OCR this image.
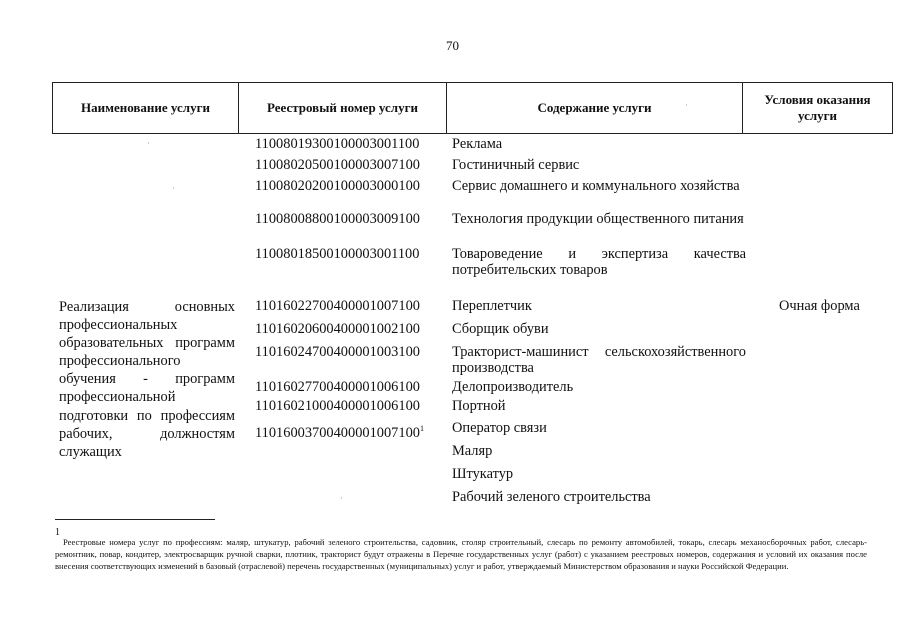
70
Наименование услуги	Реестровый номер услуги	Содержание услуги
Условия оказания услуги
11008019300100003001100
11008020500100003007100
11008020200100003000100
11008008800100003009100
11008018500100003001100
11016022700400001007100
11016020600400001002100
11016024700400001003100
11016027700400001006100
11016021000400001006100
11016003700400001007100$^1$
Реклама
Гостиничный сервис
Сервис домашнего и коммунального хозяйства
Технология продукции общественного питания
Товароведение и экспертиза качества потребительских товаров
Переплетчик
Сборщик обуви
Тракторист-машинист сельскохозяйственного производства
Делопроизводитель
Портной
Оператор связи
Маляр
Штукатур
Рабочий зеленого строительства
Реализация основных профессиональных образовательных программ профессионального обучения - программ профессиональной подготовки по профессиям рабочих, должностям служащих
Очная форма
·
·
·
·
1
Реестровые номера услуг по профессиям: маляр, штукатур, рабочий зеленого строительства, садовник, столяр строительный, слесарь по ремонту автомобилей, токарь, слесарь механосборочных работ, слесарь-ремонтник, повар, кондитер, электросварщик ручной сварки, плотник, тракторист будут отражены в Перечне государственных услуг (работ) с указанием реестровых номеров, содержания и условий их оказания после внесения соответствующих изменений в базовый (отраслевой) перечень государственных (муниципальных) услуг и работ, утверждаемый Министерством образования и науки Российской Федерации.
